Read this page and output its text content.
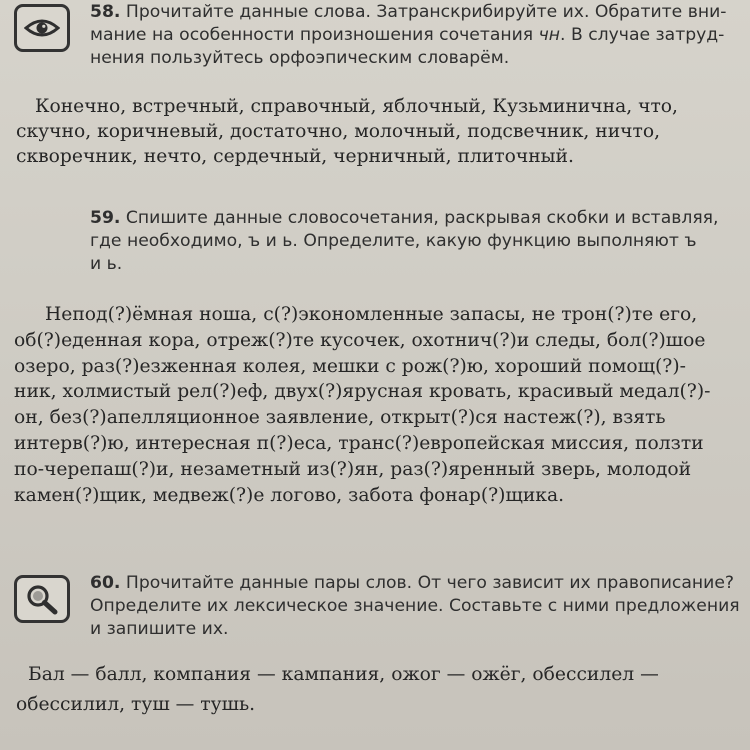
58. Прочитайте данные слова. Затранскрибируйте их. Обратите вни-
мание на особенности произношения сочетания чн. В случае затруд-
нения пользуйтесь орфоэпическим словарём.
Конечно, встречный, справочный, яблочный, Кузьминична, что,
скучно, коричневый, достаточно, молочный, подсвечник, ничто,
скворечник, нечто, сердечный, черничный, плиточный.
59. Спишите данные словосочетания, раскрывая скобки и вставляя,
где необходимо, ъ и ь. Определите, какую функцию выполняют ъ
и ь.
Непод(?)ёмная ноша, с(?)экономленные запасы, не трон(?)те его,
об(?)еденная кора, отреж(?)те кусочек, охотнич(?)и следы, бол(?)шое
озеро, раз(?)езженная колея, мешки с рож(?)ю, хороший помощ(?)-
ник, холмистый рел(?)еф, двух(?)ярусная кровать, красивый медал(?)-
он, без(?)апелляционное заявление, открыт(?)ся настеж(?), взять
интерв(?)ю, интересная п(?)еса, транс(?)европейская миссия, ползти
по-черепаш(?)и, незаметный из(?)ян, раз(?)яренный зверь, молодой
камен(?)щик, медвеж(?)е логово, забота фонар(?)щика.
60. Прочитайте данные пары слов. От чего зависит их правописание?
Определите их лексическое значение. Составьте с ними предложения
и запишите их.
Бал — балл, компания — кампания, ожог — ожёг, обессилел —
обессилил, туш — тушь.
